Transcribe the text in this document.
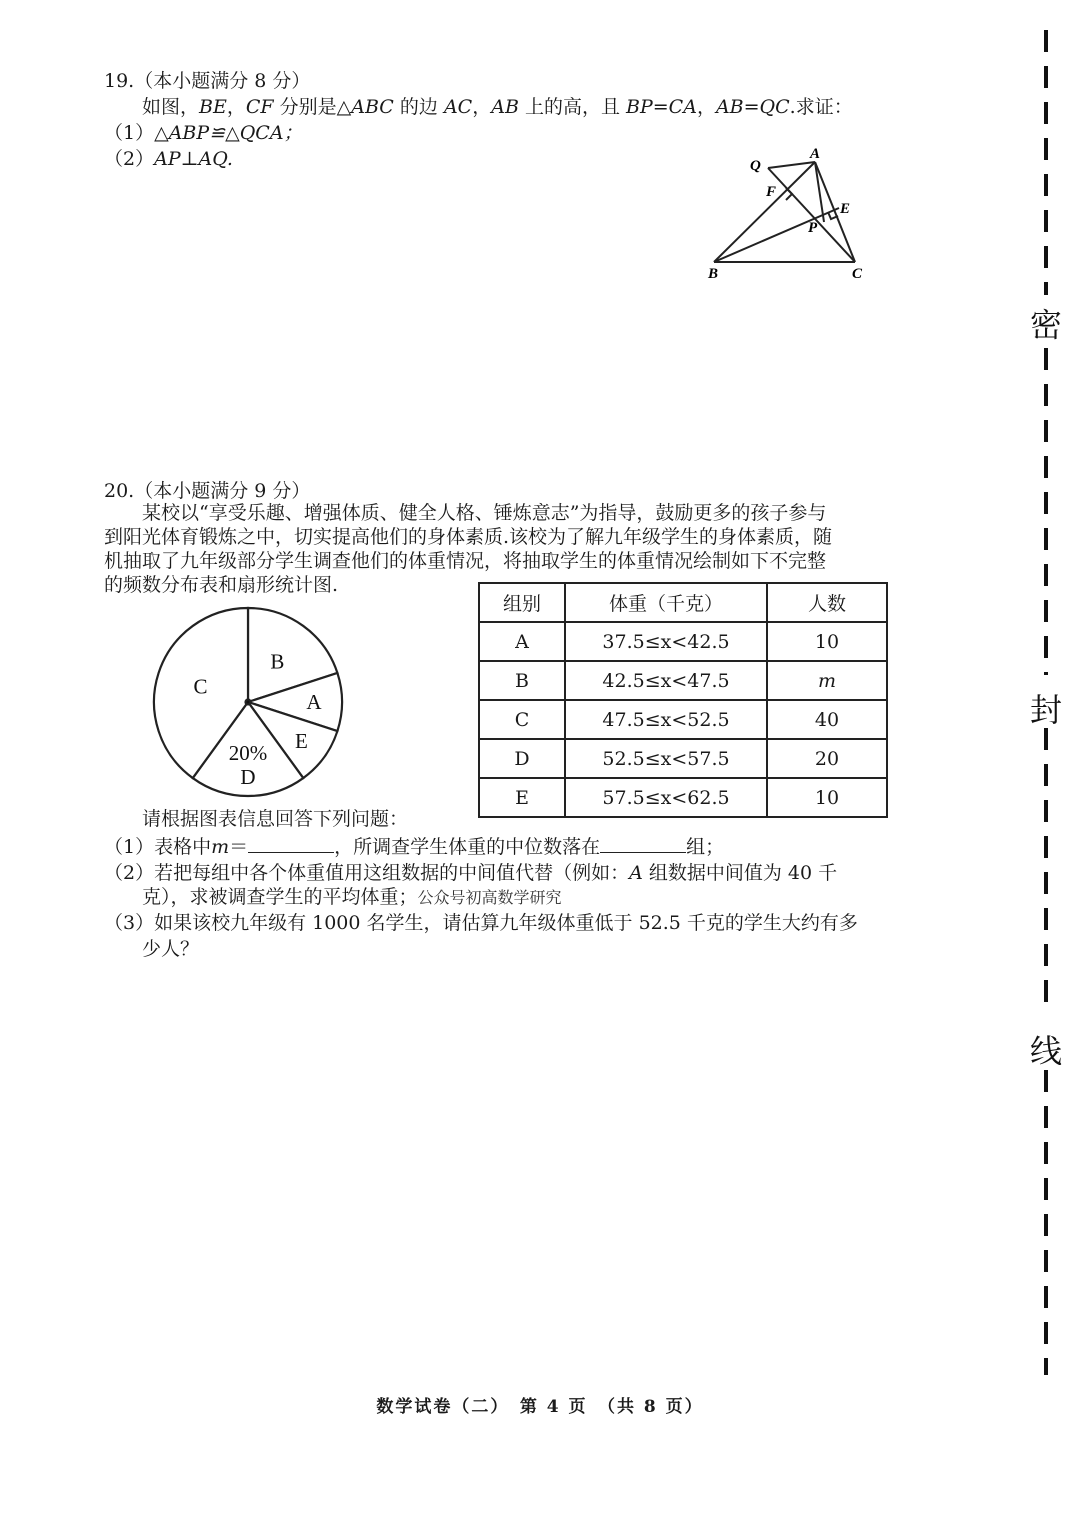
19.（本小题满分 8 分）
如图，BE，CF 分别是△ABC 的边 AC，AB 上的高，且 BP=CA，AB=QC.求证：
（1）△ABP≌△QCA；
（2）AP⊥AQ.	Q
A
F
E
P
B	C
20.（本小题满分 9 分）
某校以“享受乐趣、增强体质、健全人格、锤炼意志”为指导，鼓励更多的孩子参与
到阳光体育锻炼之中，切实提高他们的身体素质.该校为了解九年级学生的身体素质，随
机抽取了九年级部分学生调查他们的体重情况，将抽取学生的体重情况绘制如下不完整
的频数分布表和扇形统计图.
B
A
E
D
C
20%
组别	体重（千克）	人数
A	37.5≤x<42.5	10
B	42.5≤x<47.5	m
C	47.5≤x<52.5	40
D	52.5≤x<57.5	20
E	57.5≤x<62.5	10
请根据图表信息回答下列问题：
（1）表格中m＝	，所调查学生体重的中位数落在	组；
（2）若把每组中各个体重值用这组数据的中间值代替（例如：A 组数据中间值为 40 千
克），求被调查学生的平均体重；公众号初高数学研究
（3）如果该校九年级有 1000 名学生，请估算九年级体重低于 52.5 千克的学生大约有多
少人？
密
封
线
数学试卷（二）　第 4 页　（共 8 页）
